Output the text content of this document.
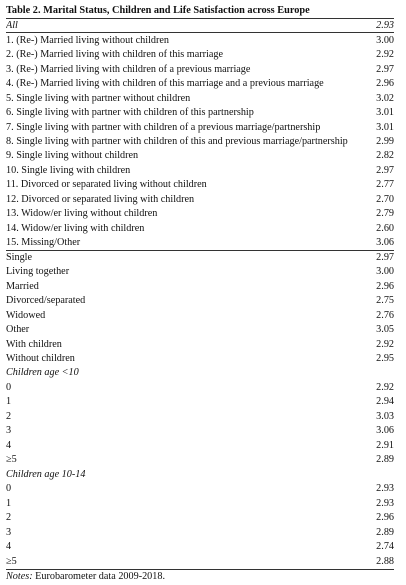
Table 2. Marital Status, Children and Life Satisfaction across Europe
All	2.93
1. (Re-) Married living without children	3.00
2. (Re-) Married living with children of this marriage	2.92
3. (Re-) Married living with children of a previous marriage	2.97
4. (Re-) Married living with children of this marriage and a previous marriage	2.96
5. Single living with partner without children	3.02
6. Single living with partner with children of this partnership	3.01
7. Single living with partner with children of a previous marriage/partnership	3.01
8. Single living with partner with children of this and previous marriage/partnership	2.99
9. Single living without children	2.82
10. Single living with children	2.97
11. Divorced or separated living without children	2.77
12. Divorced or separated living with children	2.70
13. Widow/er living without children	2.79
14. Widow/er living with children	2.60
15. Missing/Other	3.06
Single	2.97
Living together	3.00
Married	2.96
Divorced/separated	2.75
Widowed	2.76
Other	3.05
With children	2.92
Without children	2.95
Children age <10
0	2.92
1	2.94
2	3.03
3	3.06
4	2.91
≥5	2.89
Children age 10-14
0	2.93
1	2.93
2	2.96
3	2.89
4	2.74
≥5	2.88
Notes: Eurobarometer data 2009-2018.
